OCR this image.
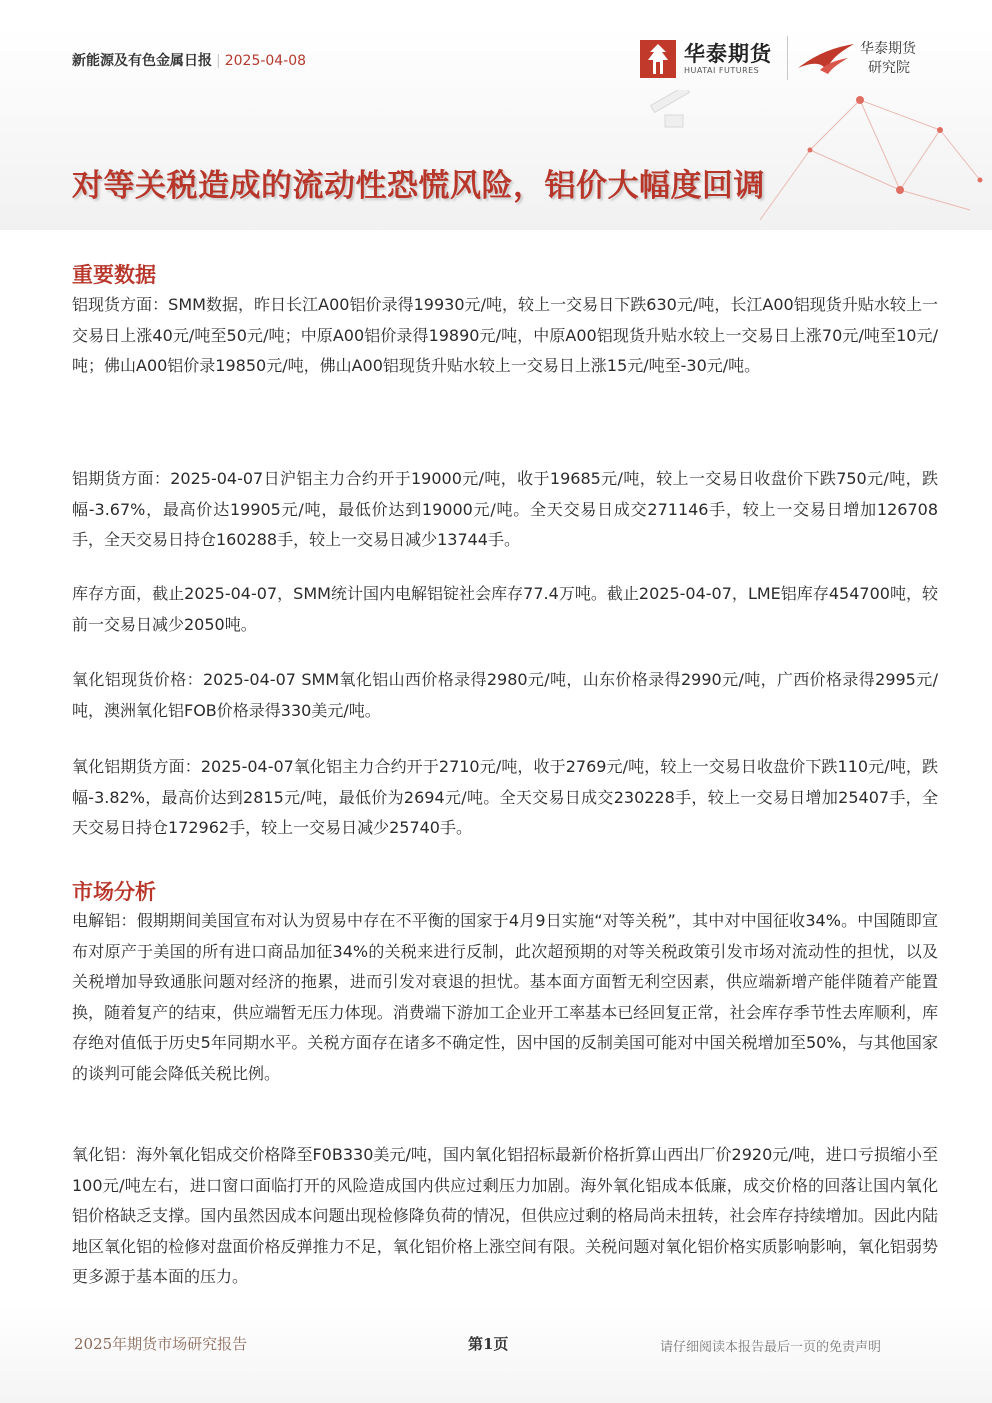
新能源及有色金属日报 | 2025-04-08	华泰期货
HUATAI FUTURES
华泰期货
研究院
对等关税造成的流动性恐慌风险，铝价大幅度回调
重要数据

铝现货方面：SMM数据，昨日长江A00铝价录得19930元/吨，较上一交易日下跌630元/吨，长江A00铝现货升贴水较上一交易日上涨40元/吨至50元/吨；中原A00铝价录得19890元/吨，中原A00铝现货升贴水较上一交易日上涨70元/吨至10元/吨；佛山A00铝价录19850元/吨，佛山A00铝现货升贴水较上一交易日上涨15元/吨至-30元/吨。

铝期货方面：2025-04-07日沪铝主力合约开于19000元/吨，收于19685元/吨，较上一交易日收盘价下跌750元/吨，跌幅-3.67%，最高价达19905元/吨，最低价达到19000元/吨。全天交易日成交271146手，较上一交易日增加126708手，全天交易日持仓160288手，较上一交易日减少13744手。

库存方面，截止2025-04-07，SMM统计国内电解铝锭社会库存77.4万吨。截止2025-04-07，LME铝库存454700吨，较前一交易日减少2050吨。

氧化铝现货价格：2025-04-07 SMM氧化铝山西价格录得2980元/吨，山东价格录得2990元/吨，广西价格录得2995元/吨，澳洲氧化铝FOB价格录得330美元/吨。

氧化铝期货方面：2025-04-07氧化铝主力合约开于2710元/吨，收于2769元/吨，较上一交易日收盘价下跌110元/吨，跌幅-3.82%，最高价达到2815元/吨，最低价为2694元/吨。全天交易日成交230228手，较上一交易日增加25407手，全天交易日持仓172962手，较上一交易日减少25740手。

市场分析

电解铝：假期期间美国宣布对认为贸易中存在不平衡的国家于4月9日实施“对等关税”，其中对中国征收34%。中国随即宣布对原产于美国的所有进口商品加征34%的关税来进行反制，此次超预期的对等关税政策引发市场对流动性的担忧，以及关税增加导致通胀问题对经济的拖累，进而引发对衰退的担忧。基本面方面暂无利空因素，供应端新增产能伴随着产能置换，随着复产的结束，供应端暂无压力体现。消费端下游加工企业开工率基本已经回复正常，社会库存季节性去库顺利，库存绝对值低于历史5年同期水平。关税方面存在诸多不确定性，因中国的反制美国可能对中国关税增加至50%，与其他国家的谈判可能会降低关税比例。

氧化铝：海外氧化铝成交价格降至F0B330美元/吨，国内氧化铝招标最新价格折算山西出厂价2920元/吨，进口亏损缩小至100元/吨左右，进口窗口面临打开的风险造成国内供应过剩压力加剧。海外氧化铝成本低廉，成交价格的回落让国内氧化铝价格缺乏支撑。国内虽然因成本问题出现检修降负荷的情况，但供应过剩的格局尚未扭转，社会库存持续增加。因此内陆地区氧化铝的检修对盘面价格反弹推力不足，氧化铝价格上涨空间有限。关税问题对氧化铝价格实质影响影响，氧化铝弱势更多源于基本面的压力。

2025年期货市场研究报告	第1页	请仔细阅读本报告最后一页的免责声明
